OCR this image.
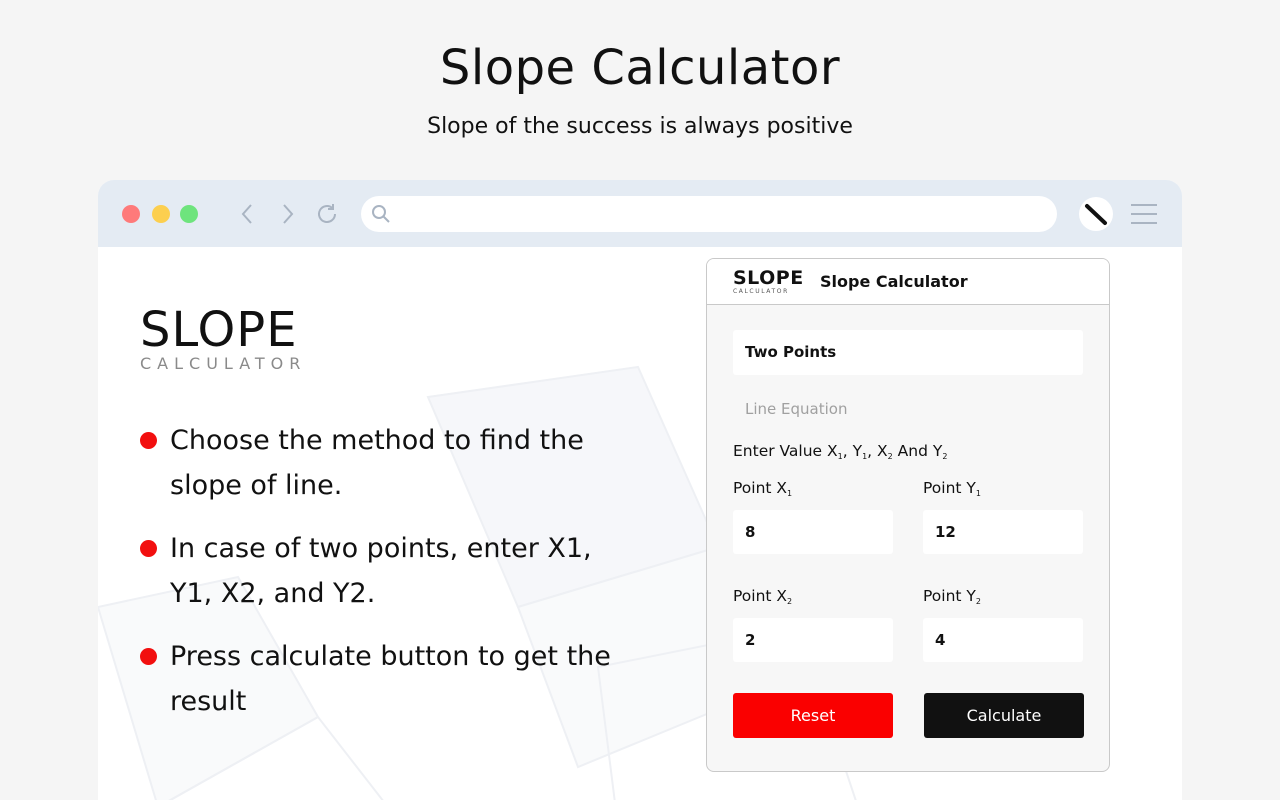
Slope Calculator
Slope of the success is always positive
SLOPE
CALCULATOR
Choose the method to find the slope of line.
In case of two points, enter X1, Y1, X2, and Y2.
Press calculate button to get the result
SLOPE
CALCULATOR
Slope Calculator
Two Points
Line Equation
Enter Value $X_1$, $Y_1$, $X_2$ And $Y_2$
Point $X_1$	Point $Y_1$
8	12
Point $X_2$	Point $Y_2$
2	4
Reset	Calculate
